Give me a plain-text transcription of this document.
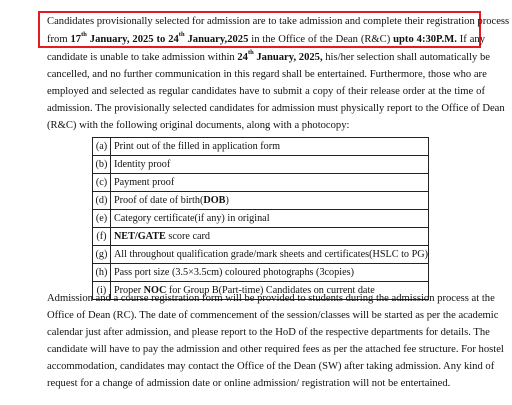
Candidates provisionally selected for admission are to take admission and complete their registration process
from 17th January, 2025 to 24th January,2025 in the Office of the Dean (R&C) upto 4:30P.M. If any
candidate is unable to take admission within 24th January, 2025, his/her selection shall automatically be
cancelled, and no further communication in this regard shall be entertained. Furthermore, those who are
employed and selected as regular candidates have to submit a copy of their release order at the time of
admission. The provisionally selected candidates for admission must physically report to the Office of Dean
(R&C) with the following original documents, along with a photocopy:
(a)	Print out of the filled in application form
(b)	Identity proof
(c)	Payment proof
(d)	Proof of date of birth(DOB)
(e)	Category certificate(if any) in original
(f)	NET/GATE score card
(g)	All throughout qualification grade/mark sheets and certificates(HSLC to PG)
(h)	Pass port size (3.5×3.5cm) coloured photographs (3copies)
(i)	Proper NOC for Group B(Part-time) Candidates on current date
Admission and a course registration form will be provided to students during the admission process at the
Office of Dean (RC). The date of commencement of the session/classes will be started as per the academic
calendar just after admission, and please report to the HoD of the respective departments for details. The
candidate will have to pay the admission and other required fees as per the attached fee structure. For hostel
accommodation, candidates may contact the Office of the Dean (SW) after taking admission. Any kind of
request for a change of admission date or online admission/ registration will not be entertained.
